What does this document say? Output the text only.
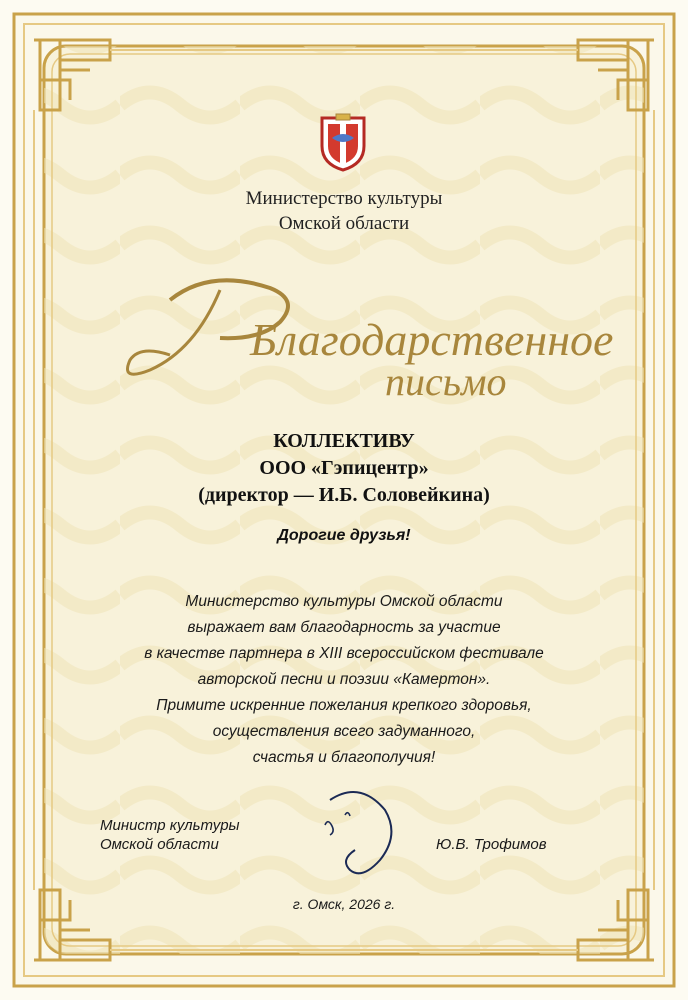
Министерство культуры
Омской области
Благодарственное
письмо
КОЛЛЕКТИВУ
ООО «Гэпицентр»
(директор — И.Б. Соловейкина)
Дорогие друзья!
Министерство культуры Омской области
выражает вам благодарность за участие
в качестве партнера в XIII всероссийском фестивале
авторской песни и поэзии «Камертон».
Примите искренние пожелания крепкого здоровья,
осуществления всего задуманного,
счастья и благополучия!
Министр культуры
Омской области	Ю.В. Трофимов
г. Омск, 2026 г.
